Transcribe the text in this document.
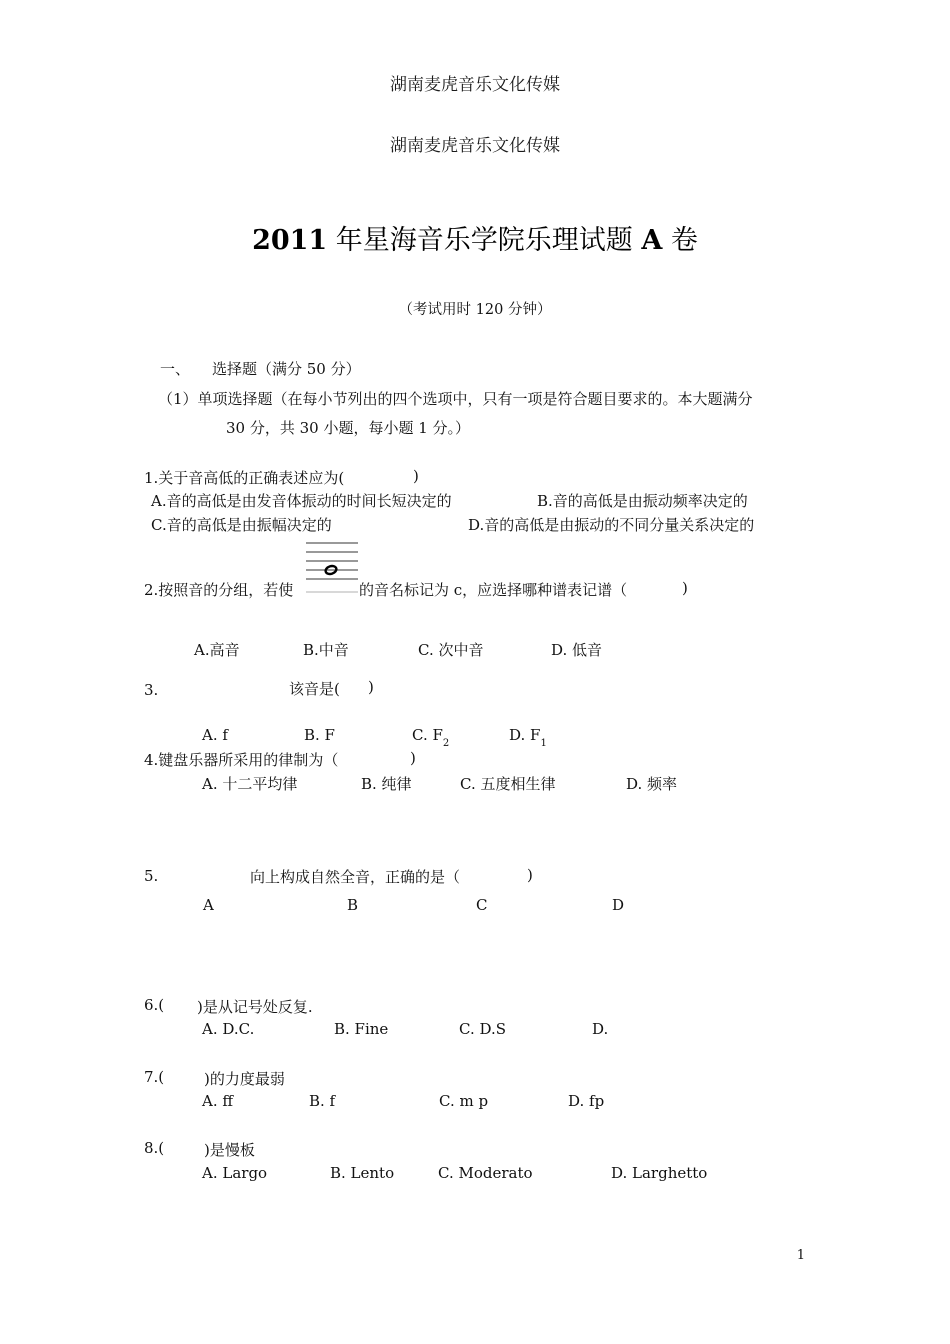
湖南麦虎音乐文化传媒
湖南麦虎音乐文化传媒
2011 年星海音乐学院乐理试题 A 卷
（考试用时 120 分钟）
一、 选择题（满分 50 分）
（1）单项选择题（在每小节列出的四个选项中，只有一项是符合题目要求的。本大题满分
30 分，共 30 小题，每小题 1 分。）
1.关于音高低的正确表述应为(	)
A.音的高低是由发音体振动的时间长短决定的	B.音的高低是由振动频率决定的
C.音的高低是由振幅决定的	D.音的高低是由振动的不同分量关系决定的
2.按照音的分组，若使	的音名标记为 c，应选择哪种谱表记谱（	)
A.高音	B.中音	C. 次中音	D. 低音
3.	该音是( )
A. f	B. F	C. $F_2$	D. $F_1$
4.键盘乐器所采用的律制为（	)
A. 十二平均律	B. 纯律	C. 五度相生律	D. 频率
5.	向上构成自然全音，正确的是（	)
A	B	C	D
6.( )是从记号处反复.
A. D.C.	B. Fine	C. D.S	D.
7.(	)的力度最弱
A. ff	B. f	C. m p	D. fp
8.(	)是慢板
A. Largo	B. Lento	C. Moderato	D. Larghetto
1
